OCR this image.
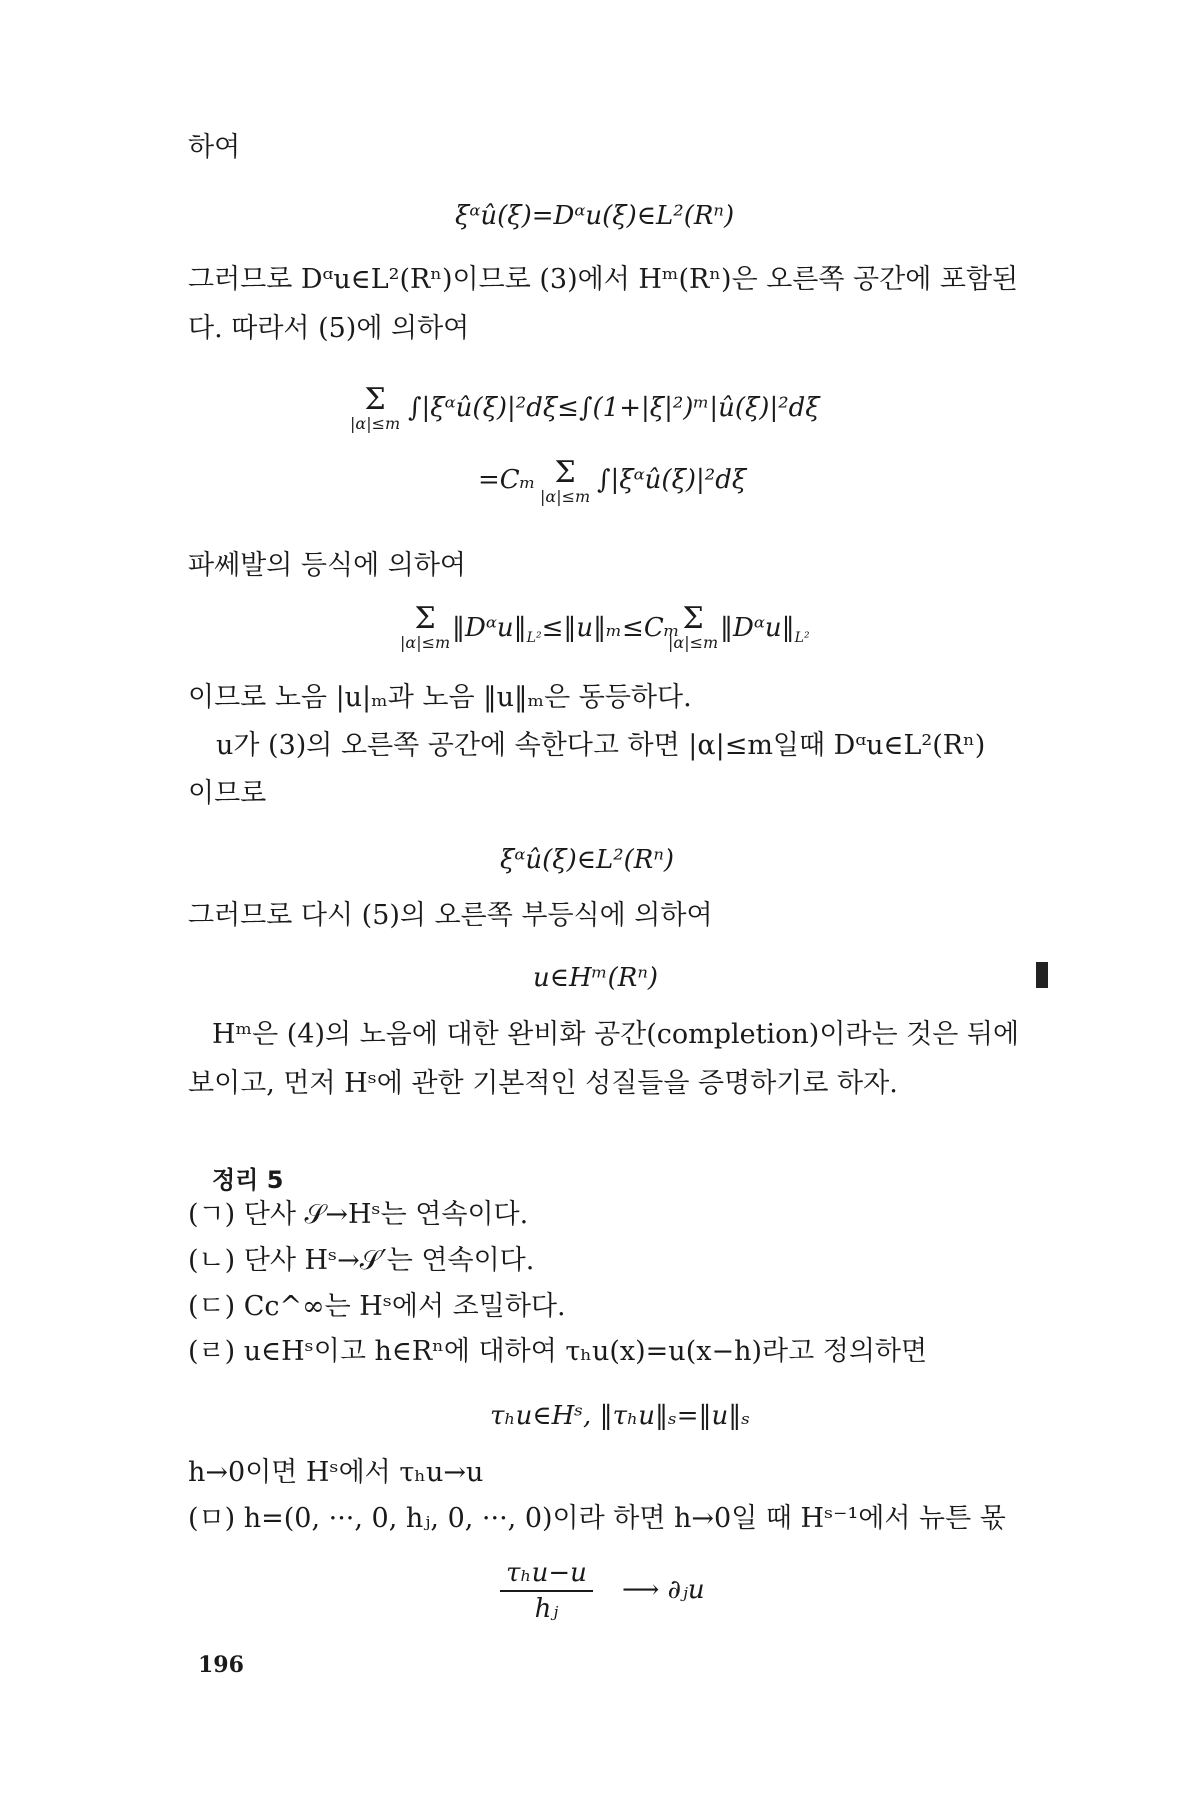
하여
ξᵅû(ξ)=Dᵅu(ξ)∈L²(Rⁿ)
그러므로 Dᵅu∈L²(Rⁿ)이므로 (3)에서 Hᵐ(Rⁿ)은 오른쪽 공간에 포함된
다. 따라서 (5)에 의하여
Σ
|α|≤m
∫|ξᵅû(ξ)|²dξ≤∫(1+|ξ|²)ᵐ|û(ξ)|²dξ
=Cₘ Σ
|α|≤m
∫|ξᵅû(ξ)|²dξ
파쎄발의 등식에 의하여
Σ
|α|≤m $‖Dᵅu‖_{L^2}\le‖u‖_m\le C_m$ Σ
|α|≤m $‖Dᵅu‖_{L^2}$
이므로 노음 |u|ₘ과 노음 ‖u‖ₘ은 동등하다.
u가 (3)의 오른쪽 공간에 속한다고 하면 |α|≤m일때 Dᵅu∈L²(Rⁿ)
이므로
ξᵅû(ξ)∈L²(Rⁿ)
그러므로 다시 (5)의 오른쪽 부등식에 의하여
u∈Hᵐ(Rⁿ)
Hᵐ은 (4)의 노음에 대한 완비화 공간(completion)이라는 것은 뒤에
보이고, 먼저 Hˢ에 관한 기본적인 성질들을 증명하기로 하자.
정리 5
(ㄱ) 단사 𝒮→Hˢ는 연속이다.
(ㄴ) 단사 Hˢ→𝒮′는 연속이다.
(ㄷ) Cc^∞는 Hˢ에서 조밀하다.
(ㄹ) u∈Hˢ이고 h∈Rⁿ에 대하여 τₕu(x)=u(x−h)라고 정의하면
τₕu∈Hˢ, ‖τₕu‖ₛ=‖u‖ₛ
h→0이면 Hˢ에서 τₕu→u
(ㅁ) h=(0, ···, 0, hⱼ, 0, ···, 0)이라 하면 h→0일 때 Hˢ⁻¹에서 뉴튼 몫
τₕu−u
hⱼ
⟶ ∂ⱼu
196
